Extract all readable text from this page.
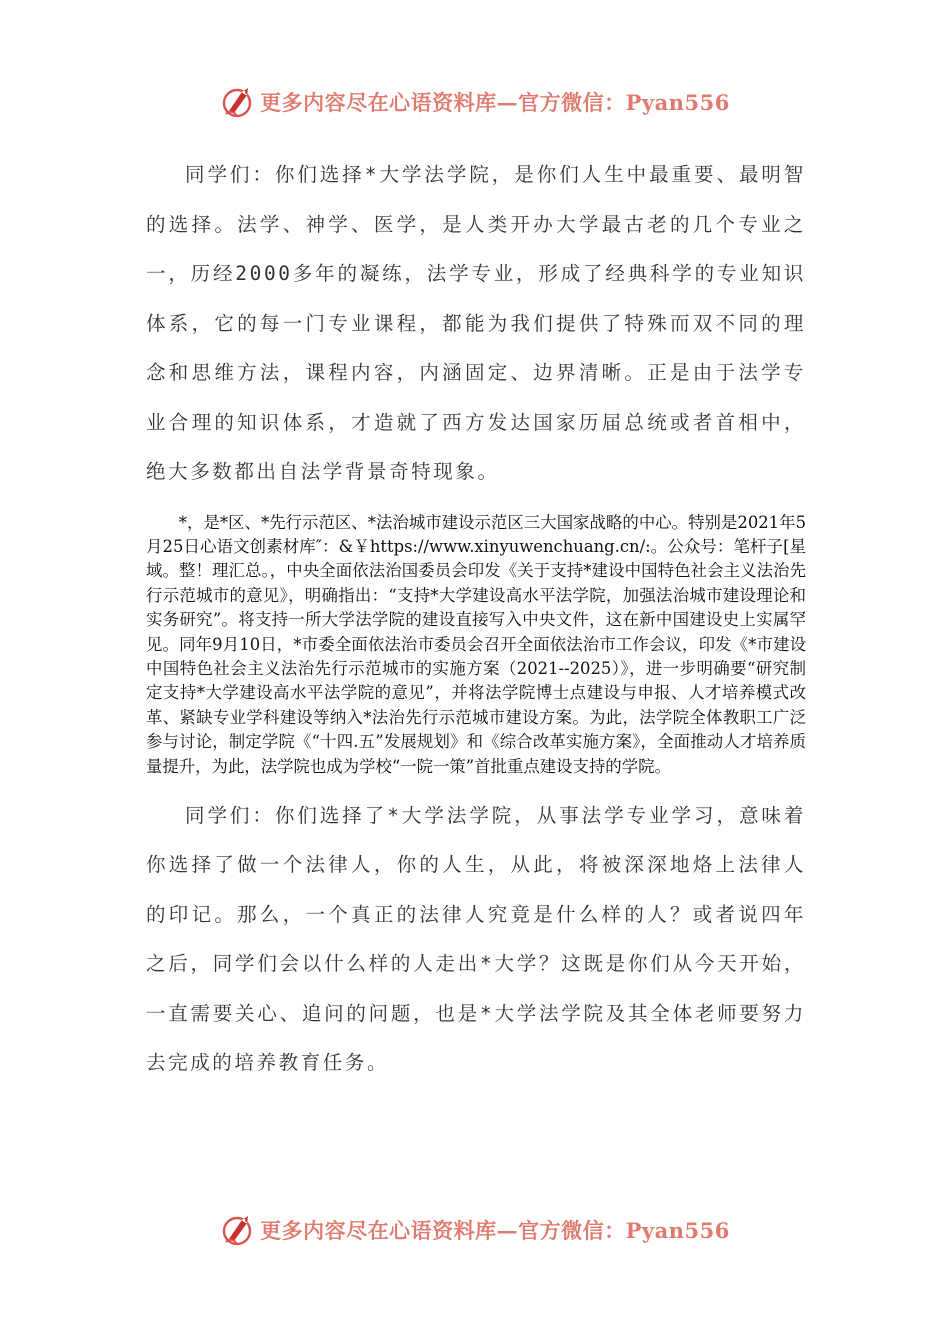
更多内容尽在心语资料库—官方微信：Pyan556

同学们：你们选择*大学法学院，是你们人生中最重要、最明智的选择。法学、神学、医学，是人类开办大学最古老的几个专业之一，历经2000多年的凝练，法学专业，形成了经典科学的专业知识体系，它的每一门专业课程，都能为我们提供了特殊而双不同的理念和思维方法，课程内容，内涵固定、边界清晰。正是由于法学专业合理的知识体系，才造就了西方发达国家历届总统或者首相中，绝大多数都出自法学背景奇特现象。

*，是*区、*先行示范区、*法治城市建设示范区三大国家战略的中心。特别是2021年5月25日心语文创素材库″：&￥https://www.xinyuwenchuang.cn/:。公众号：笔杆子[星域。整！理汇总。，中央全面依法治国委员会印发《关于支持*建设中国特色社会主义法治先行示范城市的意见》，明确指出：“支持*大学建设高水平法学院，加强法治城市建设理论和实务研究”。将支持一所大学法学院的建设直接写入中央文件，这在新中国建设史上实属罕见。同年9月10日，*市委全面依法治市委员会召开全面依法治市工作会议，印发《*市建设中国特色社会主义法治先行示范城市的实施方案（2021--2025）》，进一步明确要“研究制定支持*大学建设高水平法学院的意见”，并将法学院博士点建设与申报、人才培养模式改革、紧缺专业学科建设等纳入*法治先行示范城市建设方案。为此，法学院全体教职工广泛参与讨论，制定学院《“十四.五”发展规划》和《综合改革实施方案》，全面推动人才培养质量提升，为此，法学院也成为学校“一院一策”首批重点建设支持的学院。

同学们：你们选择了*大学法学院，从事法学专业学习，意味着你选择了做一个法律人，你的人生，从此，将被深深地烙上法律人的印记。那么，一个真正的法律人究竟是什么样的人？或者说四年之后，同学们会以什么样的人走出*大学？这既是你们从今天开始，一直需要关心、追问的问题，也是*大学法学院及其全体老师要努力去完成的培养教育任务。

更多内容尽在心语资料库—官方微信：Pyan556
